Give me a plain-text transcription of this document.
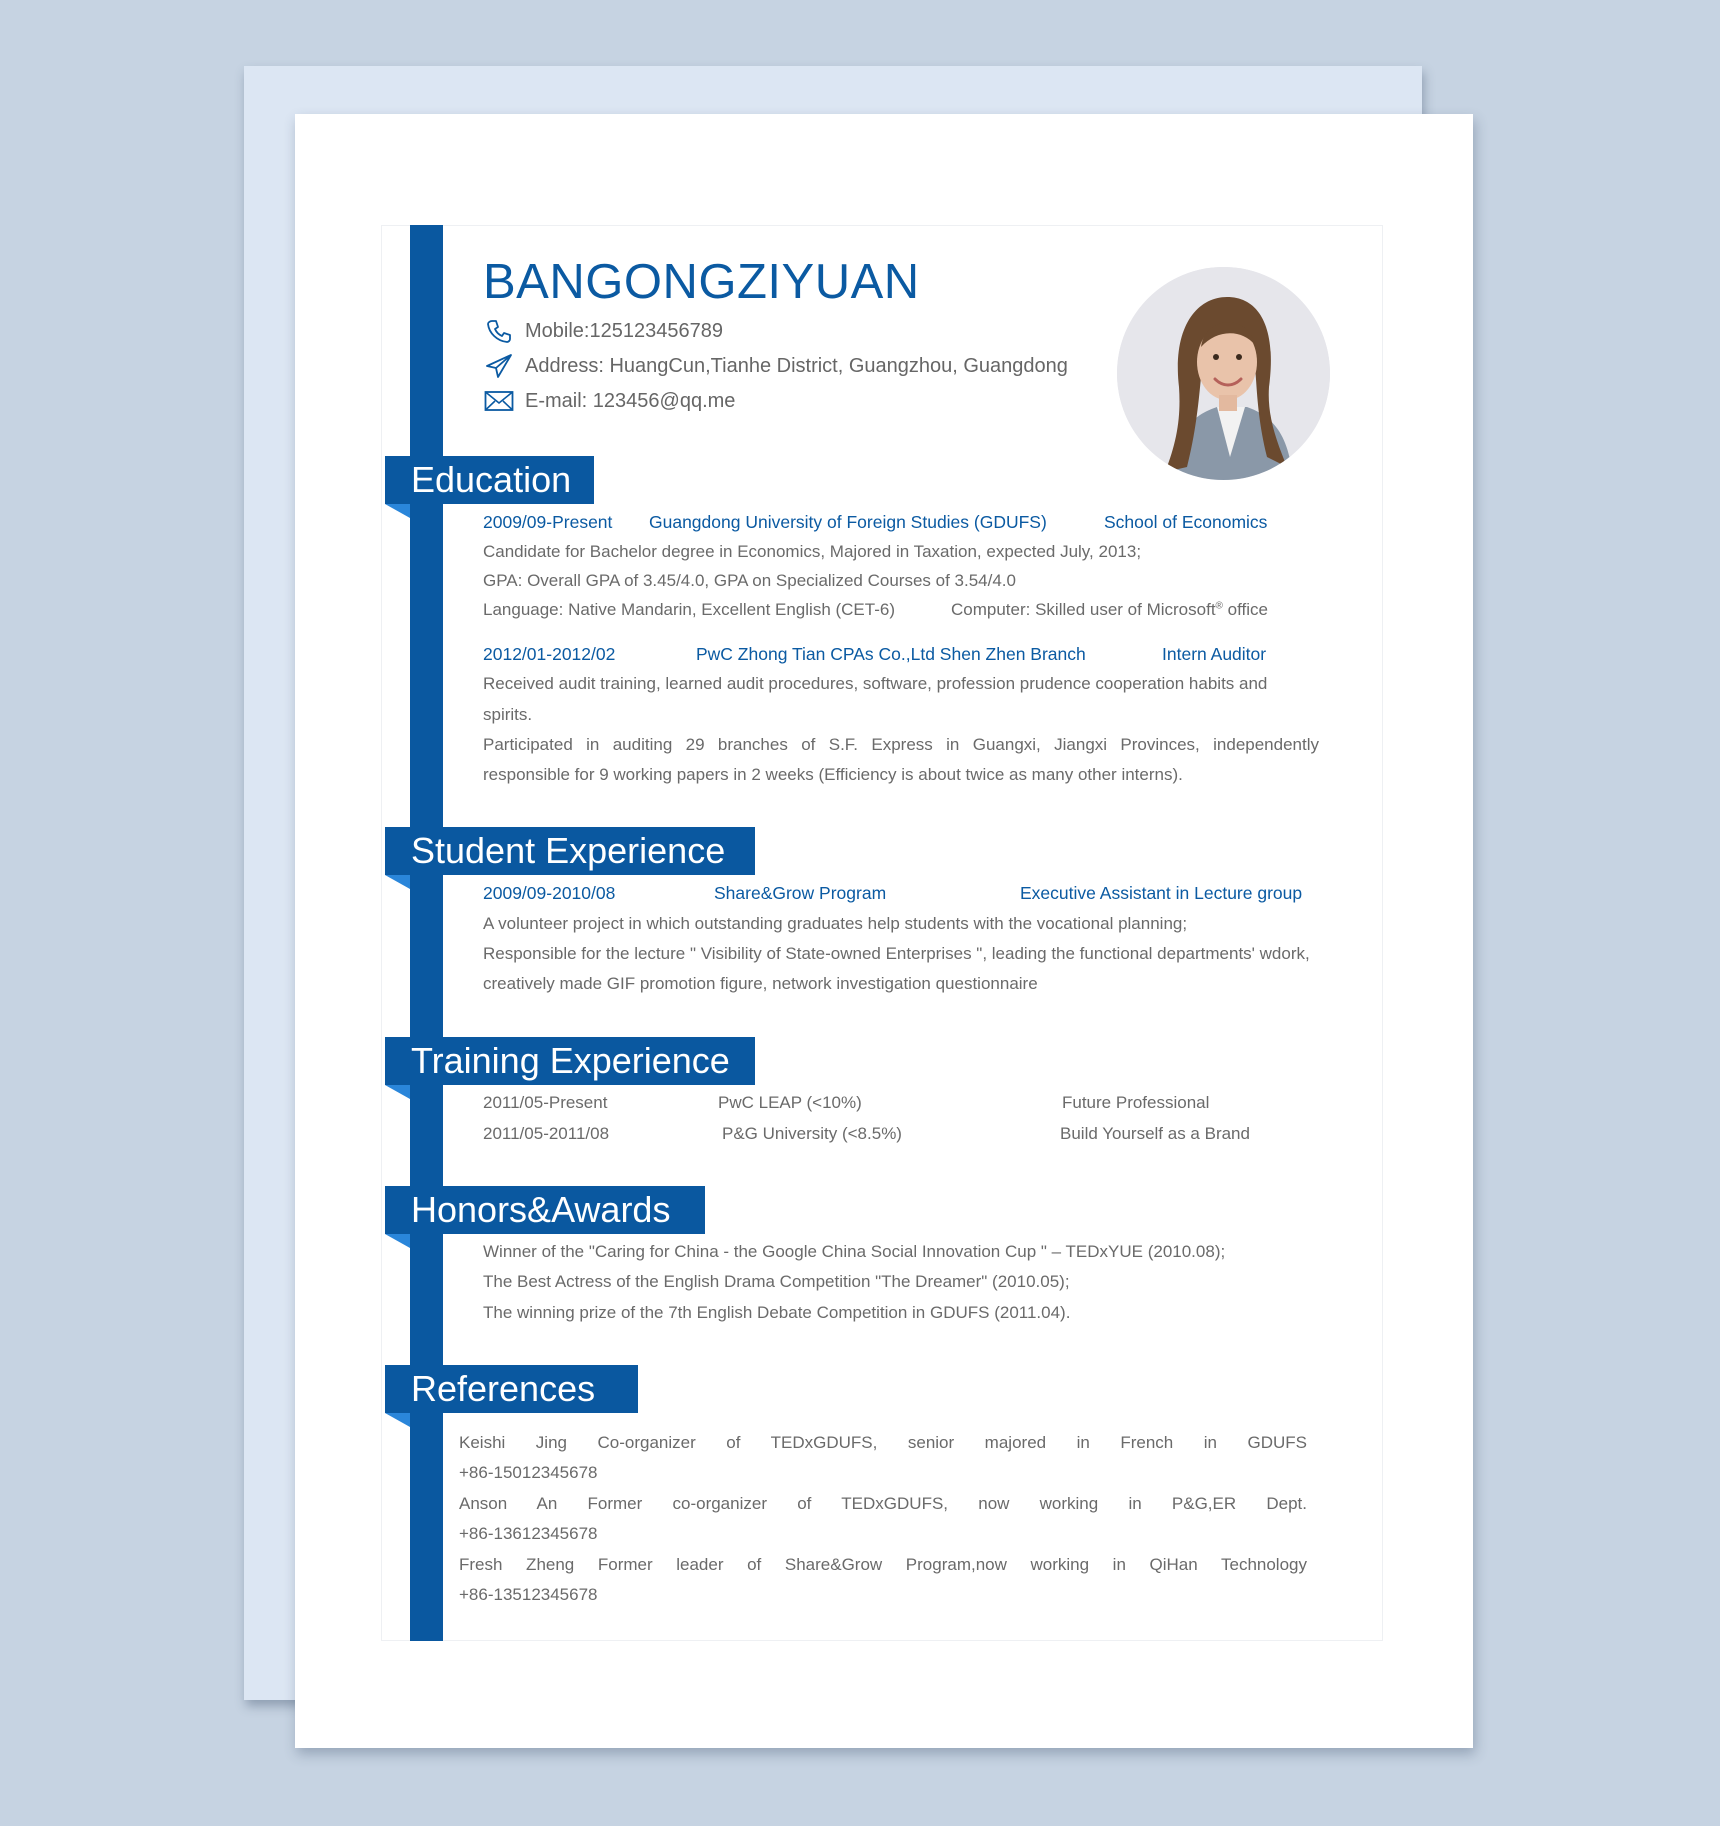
BANGONGZIYUAN
Mobile:125123456789
Address: HuangCun,Tianhe District, Guangzhou, Guangdong
E-mail: 123456@qq.me
Education
2009/09-Present Guangdong University of Foreign Studies (GDUFS)	School of Economics
Candidate for Bachelor degree in Economics, Majored in Taxation, expected July, 2013;
GPA: Overall GPA of 3.45/4.0, GPA on Specialized Courses of 3.54/4.0
Language: Native Mandarin, Excellent English (CET-6)	Computer: Skilled user of Microsoft® office
2012/01-2012/02	PwC Zhong Tian CPAs Co.,Ltd Shen Zhen Branch	Intern Auditor
Received audit training, learned audit procedures, software, profession prudence cooperation habits and
spirits.
Participated in auditing 29 branches of S.F. Express in Guangxi, Jiangxi Provinces, independently
responsible for 9 working papers in 2 weeks (Efficiency is about twice as many other interns).
Student Experience
2009/09-2010/08	Share&Grow Program	Executive Assistant in Lecture group
A volunteer project in which outstanding graduates help students with the vocational planning;
Responsible for the lecture " Visibility of State-owned Enterprises ", leading the functional departments' wdork,
creatively made GIF promotion figure, network investigation questionnaire
Training Experience
2011/05-Present	PwC LEAP (<10%)	Future Professional
2011/05-2011/08	P&G University (<8.5%)	Build Yourself as a Brand
Honors&Awards
Winner of the "Caring for China - the Google China Social Innovation Cup " – TEDxYUE (2010.08);
The Best Actress of the English Drama Competition "The Dreamer" (2010.05);
The winning prize of the 7th English Debate Competition in GDUFS (2011.04).
References
Keishi Jing Co-organizer of TEDxGDUFS, senior majored in French in GDUFS
+86-15012345678
Anson An Former co-organizer of TEDxGDUFS, now working in P&G,ER Dept.
+86-13612345678
Fresh Zheng Former leader of Share&Grow Program,now working in QiHan Technology
+86-13512345678
